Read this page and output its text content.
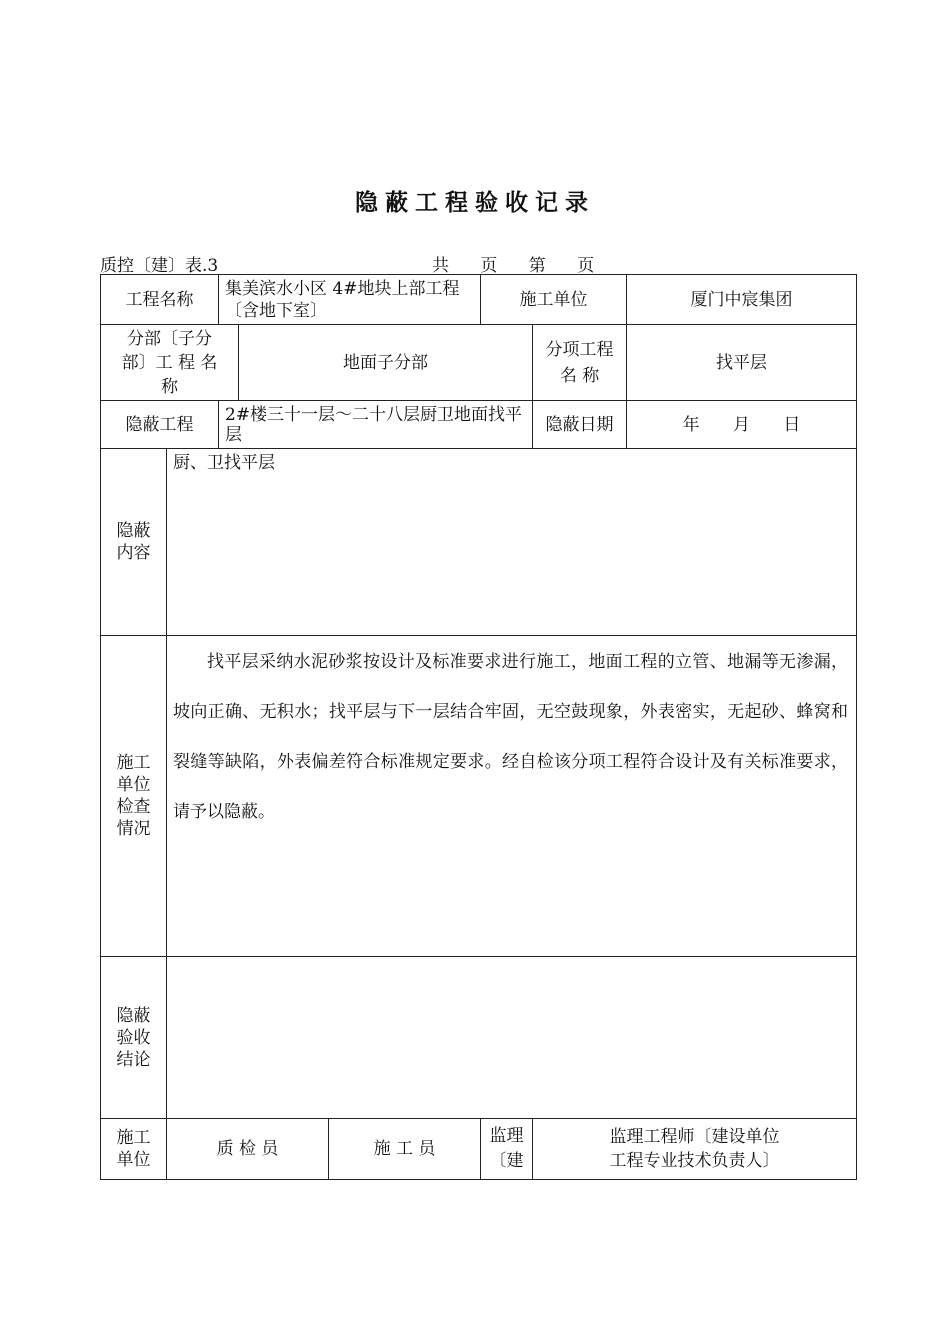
隐蔽工程验收记录
质控〔建〕表.3	共 页 第 页
工程名称		集美滨水小区 4#地块上部工程〔含地下室〕			施工单位		厦门中宸集团
分部〔子分部〕工 程 名 称			地面子分部			分项工程 名 称	找平层
隐蔽工程		2#楼三十一层～二十八层厨卫地面找平层				隐蔽日期	年 月 日
隐蔽内容	厨、卫找平层						
施工单位检查情况	找平层采纳水泥砂浆按设计及标准要求进行施工，地面工程的立管、地漏等无渗漏，坡向正确、无积水；找平层与下一层结合牢固，无空鼓现象，外表密实，无起砂、蜂窝和裂缝等缺陷，外表偏差符合标准规定要求。经自检该分项工程符合设计及有关标准要求，请予以隐蔽。						
隐蔽验收结论							
施工单位	质 检 员			施 工 员	监理〔建	监理工程师〔建设单位
工程专业技术负责人〕	
